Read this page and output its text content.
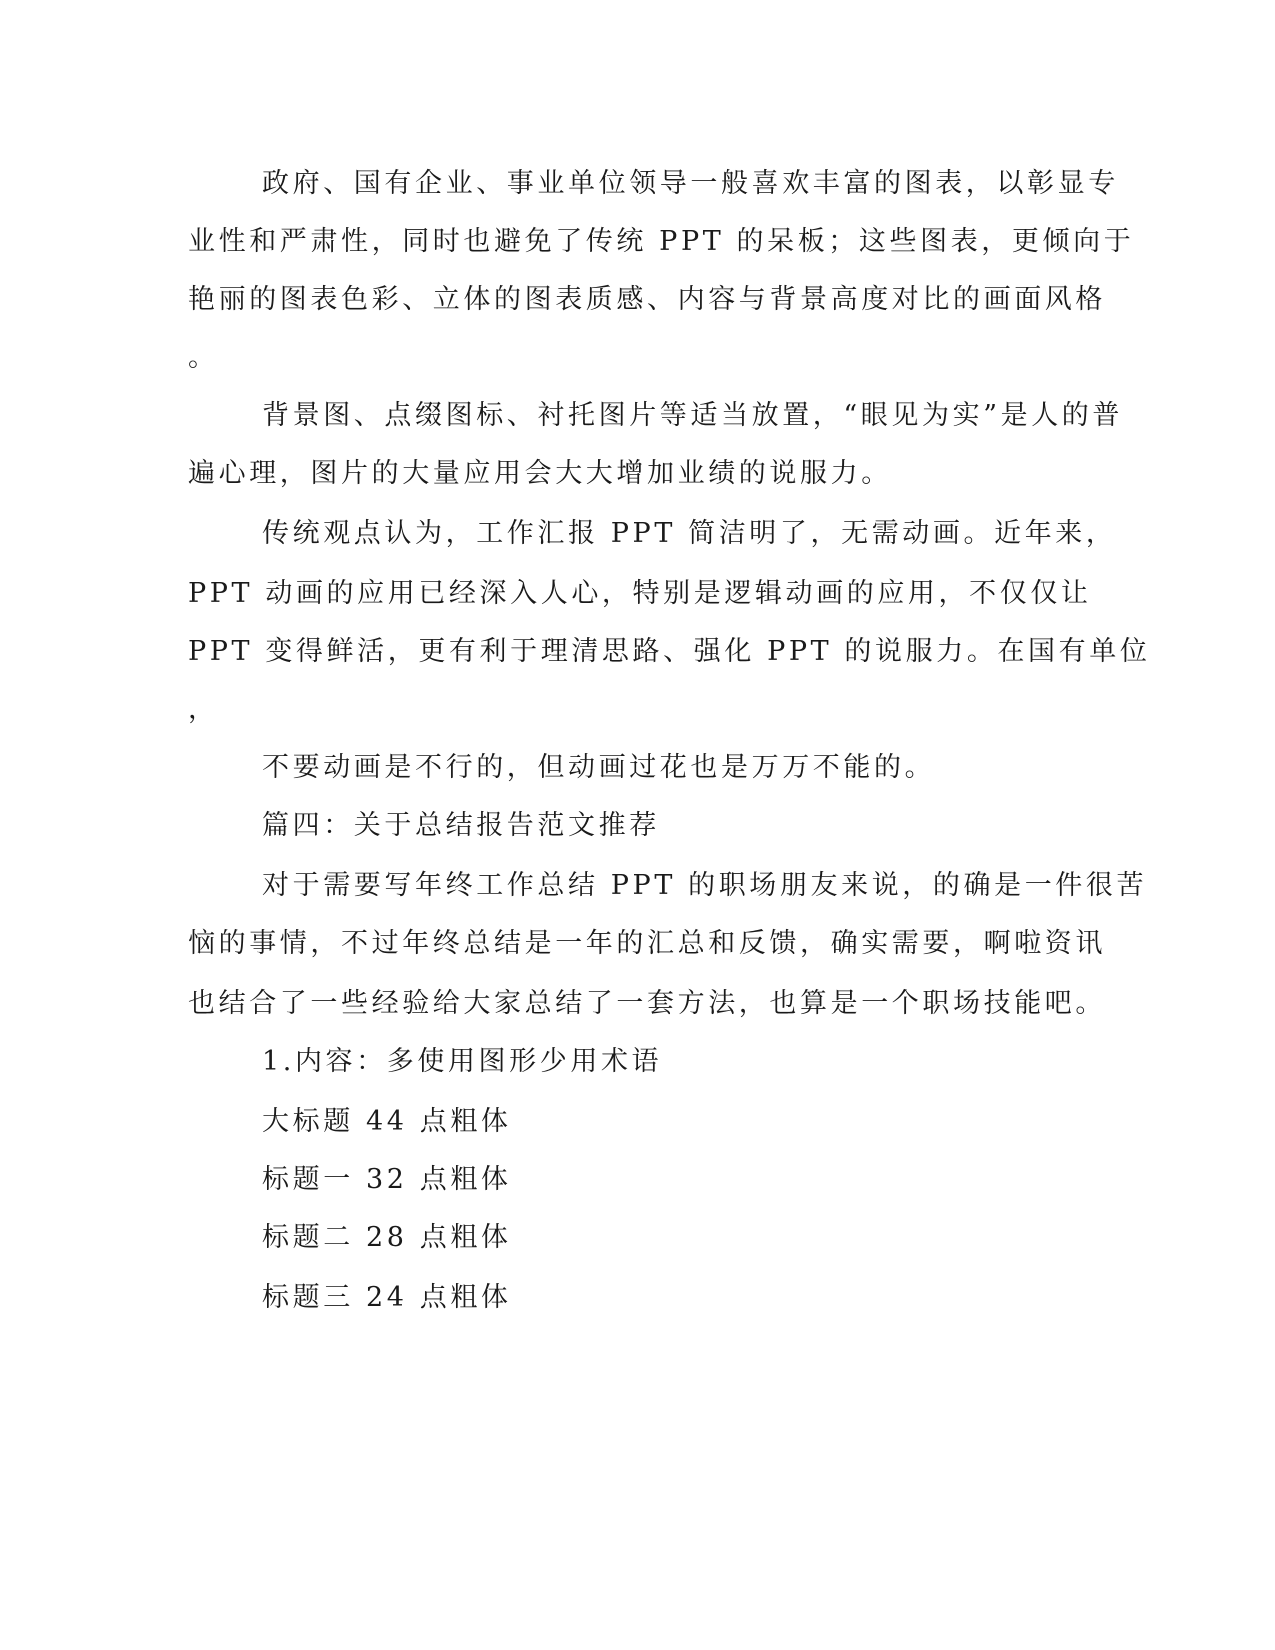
政府、国有企业、事业单位领导一般喜欢丰富的图表，以彰显专
业性和严肃性，同时也避免了传统 PPT 的呆板；这些图表，更倾向于
艳丽的图表色彩、立体的图表质感、内容与背景高度对比的画面风格
。
背景图、点缀图标、衬托图片等适当放置，“眼见为实”是人的普
遍心理，图片的大量应用会大大增加业绩的说服力。
传统观点认为，工作汇报 PPT 简洁明了，无需动画。近年来，
PPT 动画的应用已经深入人心，特别是逻辑动画的应用，不仅仅让
PPT 变得鲜活，更有利于理清思路、强化 PPT 的说服力。在国有单位
，
不要动画是不行的，但动画过花也是万万不能的。
篇四：关于总结报告范文推荐
对于需要写年终工作总结 PPT 的职场朋友来说，的确是一件很苦
恼的事情，不过年终总结是一年的汇总和反馈，确实需要，啊啦资讯
也结合了一些经验给大家总结了一套方法，也算是一个职场技能吧。
1.内容：多使用图形少用术语
大标题 44 点粗体
标题一 32 点粗体
标题二 28 点粗体
标题三 24 点粗体
